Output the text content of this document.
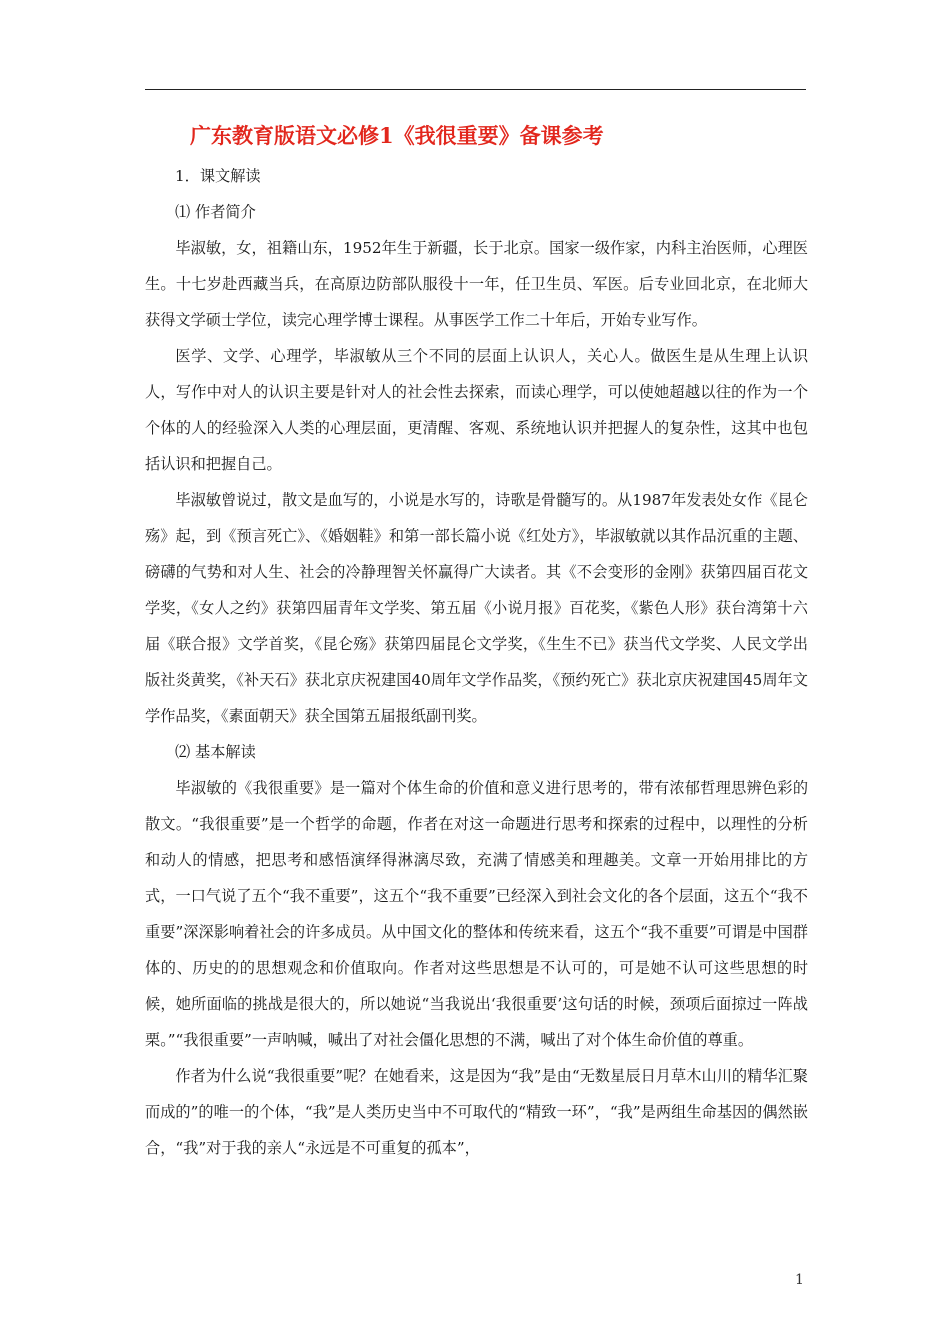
广东教育版语文必修1《我很重要》备课参考

1．课文解读

⑴ 作者简介

毕淑敏，女，祖籍山东，1952年生于新疆，长于北京。国家一级作家，内科主治医师，心理医生。十七岁赴西藏当兵，在高原边防部队服役十一年，任卫生员、军医。后专业回北京，在北师大获得文学硕士学位，读完心理学博士课程。从事医学工作二十年后，开始专业写作。

医学、文学、心理学，毕淑敏从三个不同的层面上认识人，关心人。做医生是从生理上认识人，写作中对人的认识主要是针对人的社会性去探索，而读心理学，可以使她超越以往的作为一个个体的人的经验深入人类的心理层面，更清醒、客观、系统地认识并把握人的复杂性，这其中也包括认识和把握自己。

毕淑敏曾说过，散文是血写的，小说是水写的，诗歌是骨髓写的。从1987年发表处女作《昆仑殇》起，到《预言死亡》、《婚姻鞋》和第一部长篇小说《红处方》，毕淑敏就以其作品沉重的主题、磅礴的气势和对人生、社会的冷静理智关怀赢得广大读者。其《不会变形的金刚》获第四届百花文学奖，《女人之约》获第四届青年文学奖、第五届《小说月报》百花奖，《紫色人形》获台湾第十六届《联合报》文学首奖，《昆仑殇》获第四届昆仑文学奖，《生生不已》获当代文学奖、人民文学出版社炎黄奖，《补天石》获北京庆祝建国40周年文学作品奖，《预约死亡》获北京庆祝建国45周年文学作品奖，《素面朝天》获全国第五届报纸副刊奖。

⑵ 基本解读

毕淑敏的《我很重要》是一篇对个体生命的价值和意义进行思考的，带有浓郁哲理思辨色彩的散文。“我很重要”是一个哲学的命题，作者在对这一命题进行思考和探索的过程中，以理性的分析和动人的情感，把思考和感悟演绎得淋漓尽致，充满了情感美和理趣美。文章一开始用排比的方式，一口气说了五个“我不重要”，这五个“我不重要”已经深入到社会文化的各个层面，这五个“我不重要”深深影响着社会的许多成员。从中国文化的整体和传统来看，这五个“我不重要”可谓是中国群体的、历史的的思想观念和价值取向。作者对这些思想是不认可的，可是她不认可这些思想的时候，她所面临的挑战是很大的，所以她说“当我说出‘我很重要’这句话的时候，颈项后面掠过一阵战栗。”“我很重要”一声呐喊，喊出了对社会僵化思想的不满，喊出了对个体生命价值的尊重。

作者为什么说“我很重要”呢？在她看来，这是因为“我”是由“无数星辰日月草木山川的精华汇聚而成的”的唯一的个体，“我”是人类历史当中不可取代的“精致一环”，“我”是两组生命基因的偶然嵌合，“我”对于我的亲人“永远是不可重复的孤本”，

1
